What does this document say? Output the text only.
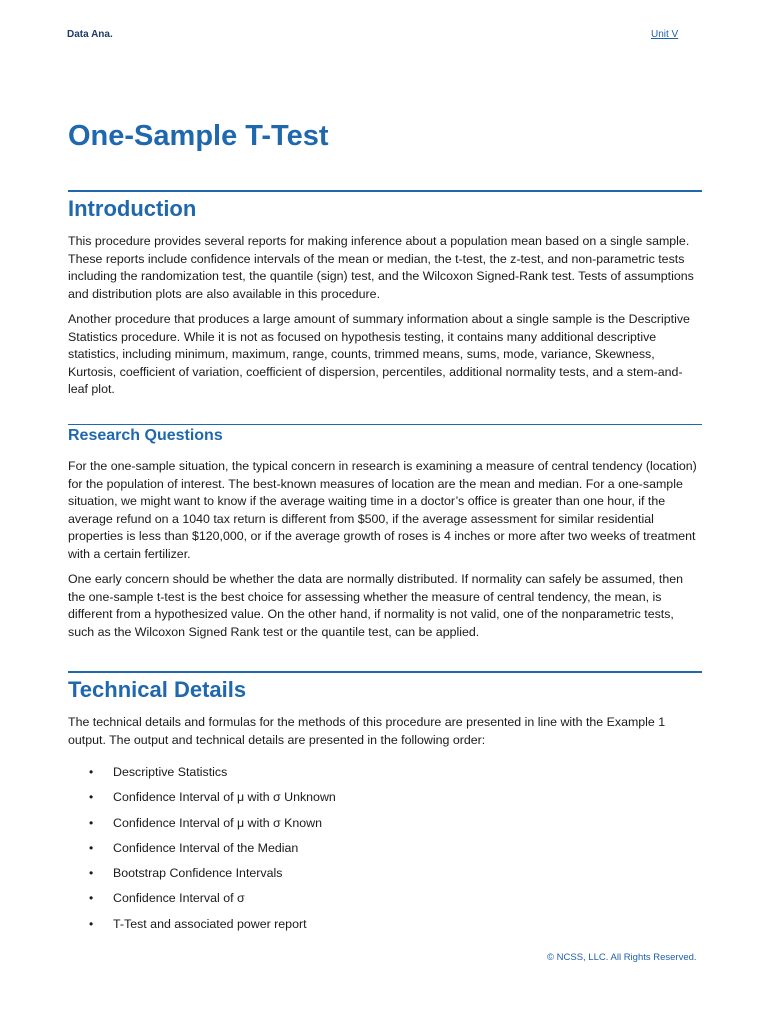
Data Ana.	Unit V
One-Sample T-Test
Introduction

This procedure provides several reports for making inference about a population mean based on a single sample. These reports include confidence intervals of the mean or median, the t-test, the z-test, and non-parametric tests including the randomization test, the quantile (sign) test, and the Wilcoxon Signed-Rank test. Tests of assumptions and distribution plots are also available in this procedure.

Another procedure that produces a large amount of summary information about a single sample is the Descriptive Statistics procedure. While it is not as focused on hypothesis testing, it contains many additional descriptive statistics, including minimum, maximum, range, counts, trimmed means, sums, mode, variance, Skewness, Kurtosis, coefficient of variation, coefficient of dispersion, percentiles, additional normality tests, and a stem-and-leaf plot.

Research Questions

For the one-sample situation, the typical concern in research is examining a measure of central tendency (location) for the population of interest. The best-known measures of location are the mean and median. For a one-sample situation, we might want to know if the average waiting time in a doctor’s office is greater than one hour, if the average refund on a 1040 tax return is different from $500, if the average assessment for similar residential properties is less than $120,000, or if the average growth of roses is 4 inches or more after two weeks of treatment with a certain fertilizer.

One early concern should be whether the data are normally distributed. If normality can safely be assumed, then the one-sample t-test is the best choice for assessing whether the measure of central tendency, the mean, is different from a hypothesized value. On the other hand, if normality is not valid, one of the nonparametric tests, such as the Wilcoxon Signed Rank test or the quantile test, can be applied.

Technical Details

The technical details and formulas for the methods of this procedure are presented in line with the Example 1 output. The output and technical details are presented in the following order:

• Descriptive Statistics
• Confidence Interval of μ with σ Unknown
• Confidence Interval of μ with σ Known
• Confidence Interval of the Median
• Bootstrap Confidence Intervals
• Confidence Interval of σ
• T-Test and associated power report
© NCSS, LLC. All Rights Reserved.
